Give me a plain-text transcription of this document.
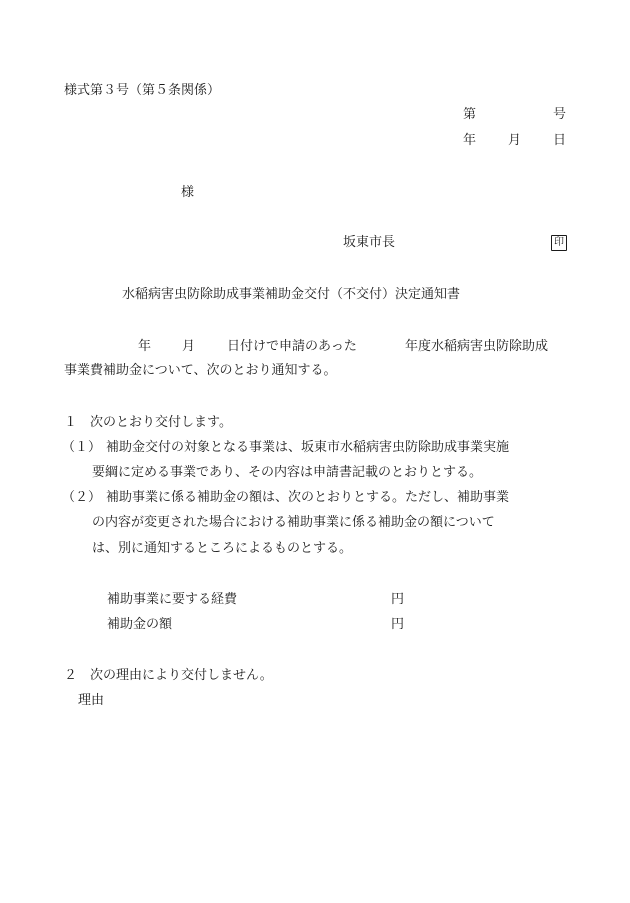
様式第３号（第５条関係）
第	号
年 月 日
様
坂東市長	印
水稲病害虫防除助成事業補助金交付（不交付）決定通知書
年 月 日付けで申請のあった	年度水稲病害虫防除助成
事業費補助金について、次のとおり通知する。
１　次のとおり交付します。
（１） 補助金交付の対象となる事業は、坂東市水稲病害虫防除助成事業実施
要綱に定める事業であり、その内容は申請書記載のとおりとする。
（２） 補助事業に係る補助金の額は、次のとおりとする。ただし、補助事業
の内容が変更された場合における補助事業に係る補助金の額について
は、別に通知するところによるものとする。
補助事業に要する経費	円
補助金の額	円
２　次の理由により交付しません。
理由
